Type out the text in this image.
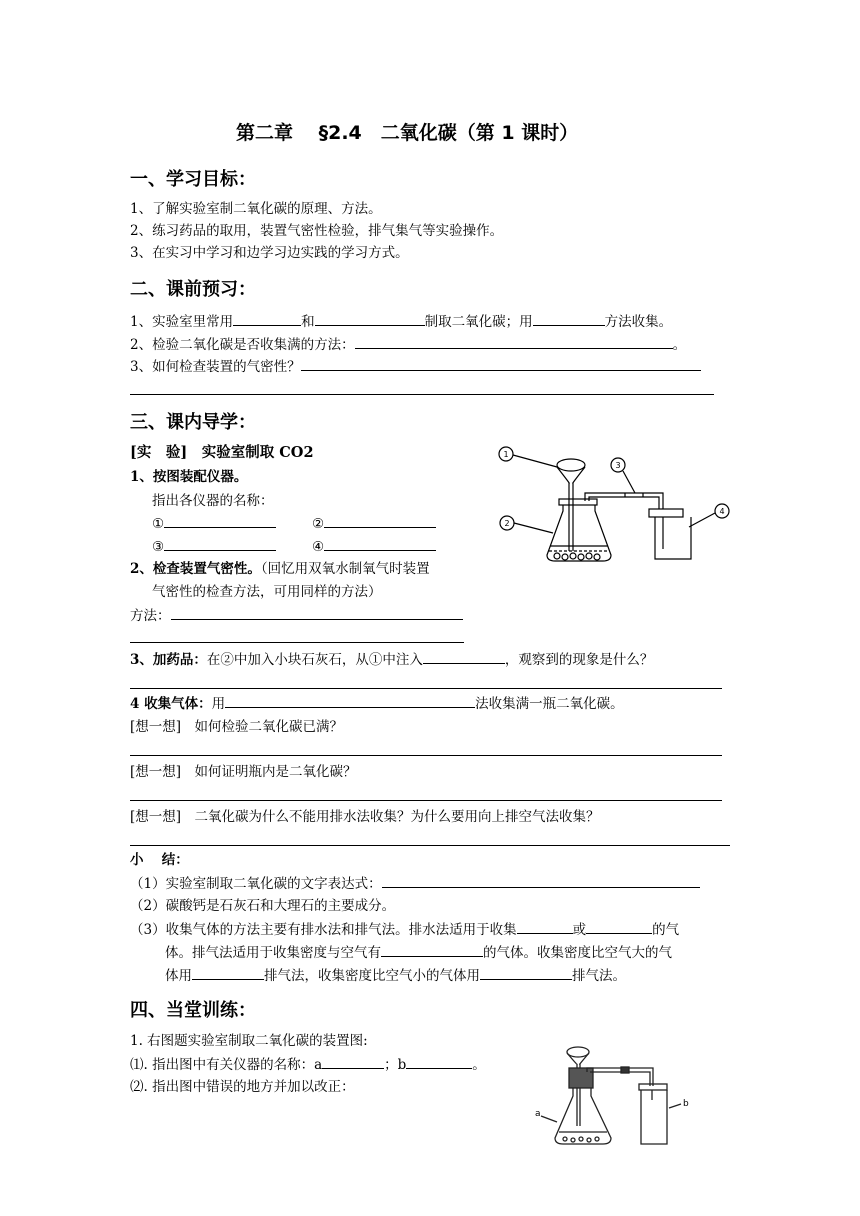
第二章　 §2.4　二氧化碳（第 1 课时）
一、学习目标：
1、了解实验室制二氧化碳的原理、方法。
2、练习药品的取用，装置气密性检验，排气集气等实验操作。
3、在实习中学习和边学习边实践的学习方式。
二、课前预习：
1、实验室里常用	和	制取二氧化碳；用	方法收集。
2、检验二氧化碳是否收集满的方法：	。
3、如何检查装置的气密性？
三、课内导学：
[实　验]　实验室制取 CO2
1、按图装配仪器。
指出各仪器的名称：
①	②
③	④
2、检查装置气密性。（回忆用双氧水制氧气时装置
气密性的检查方法，可用同样的方法）
方法：
1
3
4
2
3、加药品：在②中加入小块石灰石，从①中注入	，观察到的现象是什么？
4 收集气体：用	法收集满一瓶二氧化碳。
[想一想]　如何检验二氧化碳已满？
[想一想]　如何证明瓶内是二氧化碳？
[想一想]　二氧化碳为什么不能用排水法收集？为什么要用向上排空气法收集？
小　 结：
（1）实验室制取二氧化碳的文字表达式：
（2）碳酸钙是石灰石和大理石的主要成分。
（3）收集气体的方法主要有排水法和排气法。排水法适用于收集	或	的气
体。排气法适用于收集密度与空气有	的气体。收集密度比空气大的气
体用	排气法，收集密度比空气小的气体用	排气法。
四、当堂训练：
1. 右图题实验室制取二氧化碳的装置图:
⑴. 指出图中有关仪器的名称：a	；b	。
⑵. 指出图中错误的地方并加以改正：
a
b
